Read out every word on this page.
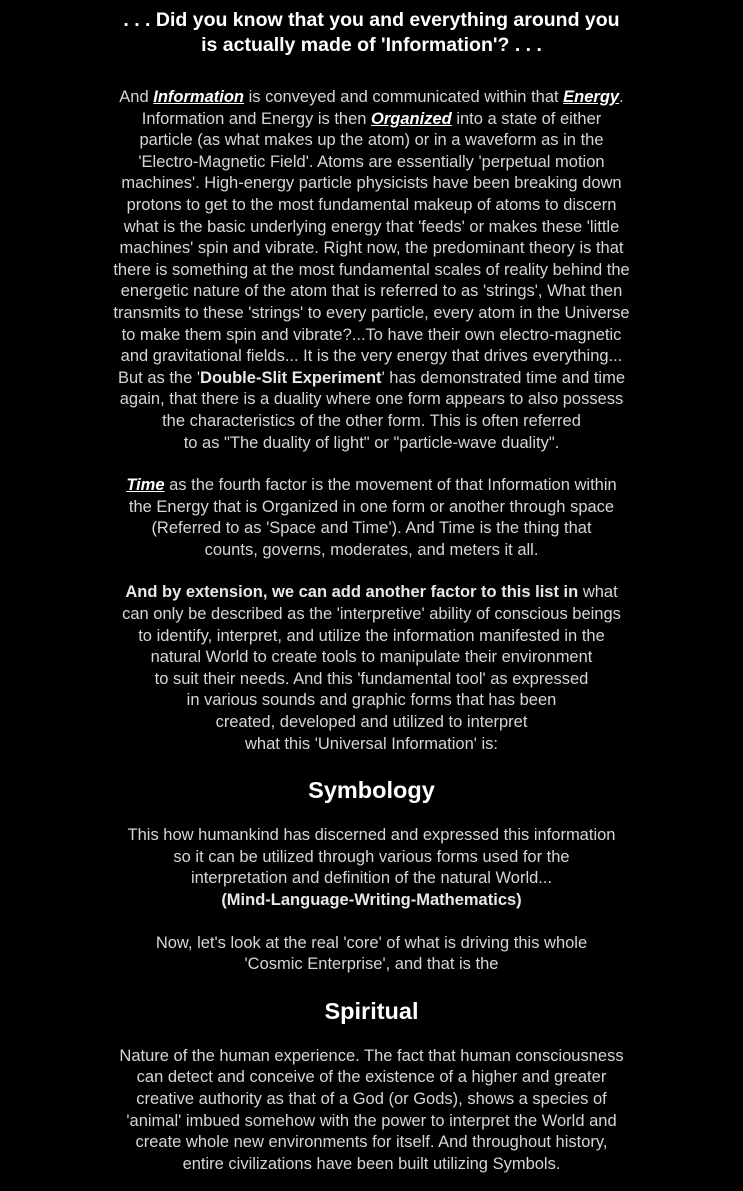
. . . Did you know that you and everything around you
is actually made of 'Information'? . . .

And Information is conveyed and communicated within that Energy.
Information and Energy is then Organized into a state of either
particle (as what makes up the atom) or in a waveform as in the
'Electro-Magnetic Field'. Atoms are essentially 'perpetual motion
machines'. High-energy particle physicists have been breaking down
protons to get to the most fundamental makeup of atoms to discern
what is the basic underlying energy that 'feeds' or makes these 'little
machines' spin and vibrate. Right now, the predominant theory is that
there is something at the most fundamental scales of reality behind the
energetic nature of the atom that is referred to as 'strings', What then
transmits to these 'strings' to every particle, every atom in the Universe
to make them spin and vibrate?...To have their own electro-magnetic
and gravitational fields... It is the very energy that drives everything...
But as the 'Double-Slit Experiment' has demonstrated time and time
again, that there is a duality where one form appears to also possess
the characteristics of the other form. This is often referred
to as "The duality of light" or "particle-wave duality".

Time as the fourth factor is the movement of that Information within
the Energy that is Organized in one form or another through space
(Referred to as 'Space and Time'). And Time is the thing that
counts, governs, moderates, and meters it all.

And by extension, we can add another factor to this list in what
can only be described as the 'interpretive' ability of conscious beings
to identify, interpret, and utilize the information manifested in the
natural World to create tools to manipulate their environment
to suit their needs. And this 'fundamental tool' as expressed
in various sounds and graphic forms that has been
created, developed and utilized to interpret
what this 'Universal Information' is:

Symbology

This how humankind has discerned and expressed this information
so it can be utilized through various forms used for the
interpretation and definition of the natural World...
(Mind-Language-Writing-Mathematics)

Now, let's look at the real 'core' of what is driving this whole
'Cosmic Enterprise', and that is the

Spiritual

Nature of the human experience. The fact that human consciousness
can detect and conceive of the existence of a higher and greater
creative authority as that of a God (or Gods), shows a species of
'animal' imbued somehow with the power to interpret the World and
create whole new environments for itself. And throughout history,
entire civilizations have been built utilizing Symbols.
